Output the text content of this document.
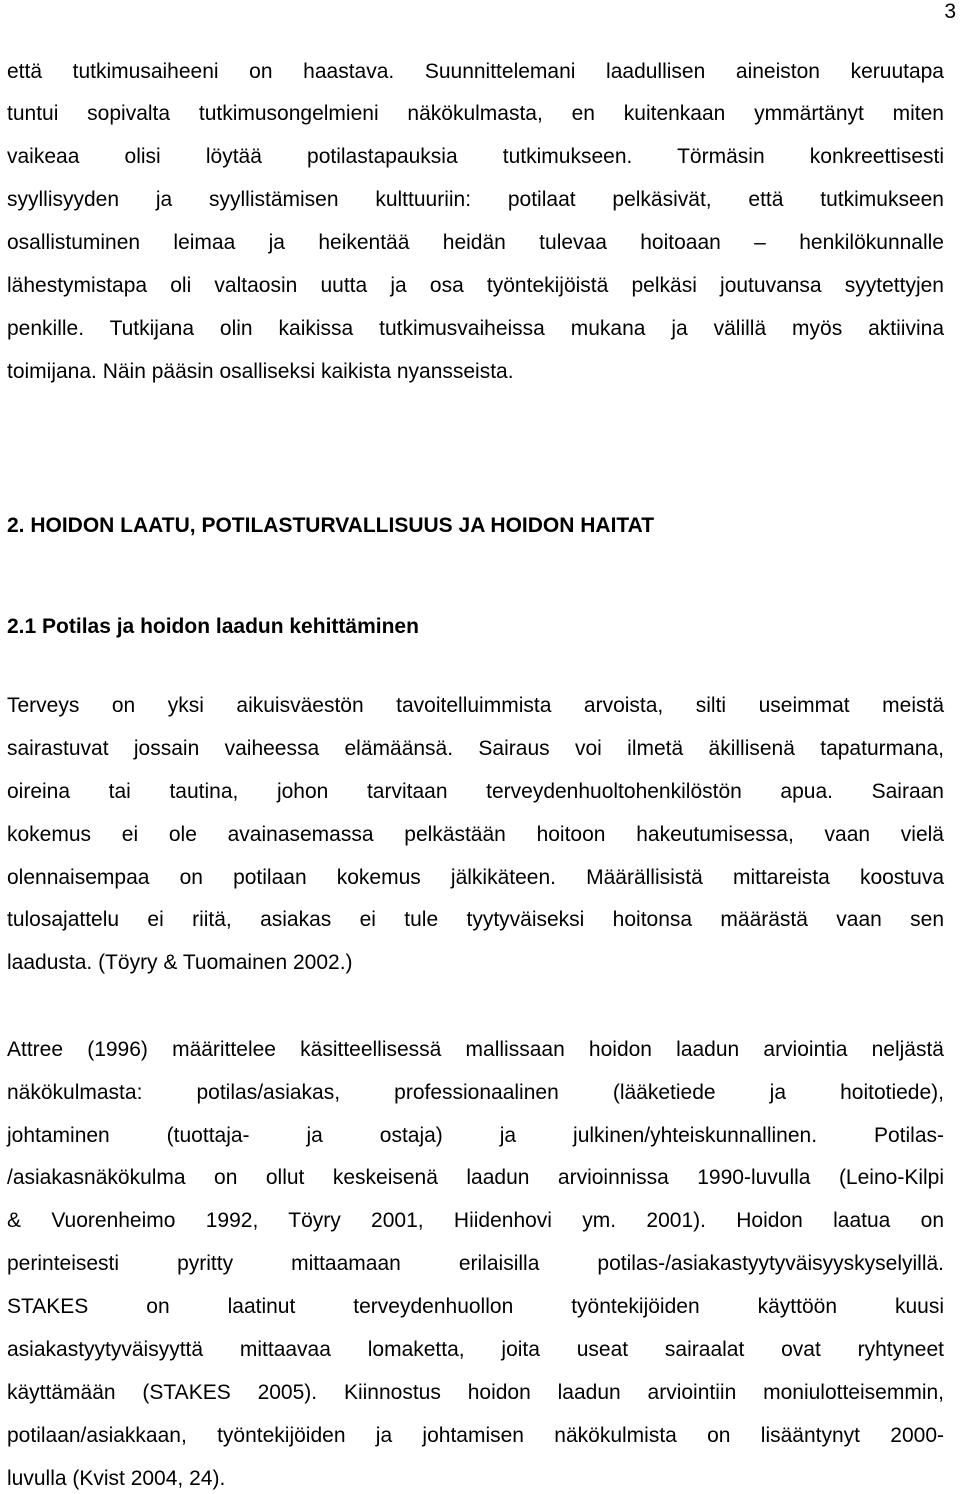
3
että tutkimusaiheeni on haastava. Suunnittelemani laadullisen aineiston keruutapa
tuntui sopivalta tutkimusongelmieni näkökulmasta, en kuitenkaan ymmärtänyt miten
vaikeaa olisi löytää potilastapauksia tutkimukseen. Törmäsin konkreettisesti
syyllisyyden ja syyllistämisen kulttuuriin: potilaat pelkäsivät, että tutkimukseen
osallistuminen leimaa ja heikentää heidän tulevaa hoitoaan – henkilökunnalle
lähestymistapa oli valtaosin uutta ja osa työntekijöistä pelkäsi joutuvansa syytettyjen
penkille. Tutkijana olin kaikissa tutkimusvaiheissa mukana ja välillä myös aktiivina
toimijana. Näin pääsin osalliseksi kaikista nyansseista.
2. HOIDON LAATU, POTILASTURVALLISUUS JA HOIDON HAITAT
2.1 Potilas ja hoidon laadun kehittäminen
Terveys on yksi aikuisväestön tavoitelluimmista arvoista, silti useimmat meistä
sairastuvat jossain vaiheessa elämäänsä. Sairaus voi ilmetä äkillisenä tapaturmana,
oireina tai tautina, johon tarvitaan terveydenhuoltohenkilöstön apua. Sairaan
kokemus ei ole avainasemassa pelkästään hoitoon hakeutumisessa, vaan vielä
olennaisempaa on potilaan kokemus jälkikäteen. Määrällisistä mittareista koostuva
tulosajattelu ei riitä, asiakas ei tule tyytyväiseksi hoitonsa määrästä vaan sen
laadusta. (Töyry & Tuomainen 2002.)
Attree (1996) määrittelee käsitteellisessä mallissaan hoidon laadun arviointia neljästä
näkökulmasta: potilas/asiakas, professionaalinen (lääketiede ja hoitotiede),
johtaminen (tuottaja- ja ostaja) ja julkinen/yhteiskunnallinen. Potilas-
/asiakasnäkökulma on ollut keskeisenä laadun arvioinnissa 1990-luvulla (Leino-Kilpi
& Vuorenheimo 1992, Töyry 2001, Hiidenhovi ym. 2001). Hoidon laatua on
perinteisesti pyritty mittaamaan erilaisilla potilas-/asiakastyytyväisyyskyselyillä.
STAKES on laatinut terveydenhuollon työntekijöiden käyttöön kuusi
asiakastyytyväisyyttä mittaavaa lomaketta, joita useat sairaalat ovat ryhtyneet
käyttämään (STAKES 2005). Kiinnostus hoidon laadun arviointiin moniulotteisemmin,
potilaan/asiakkaan, työntekijöiden ja johtamisen näkökulmista on lisääntynyt 2000-
luvulla (Kvist 2004, 24).
